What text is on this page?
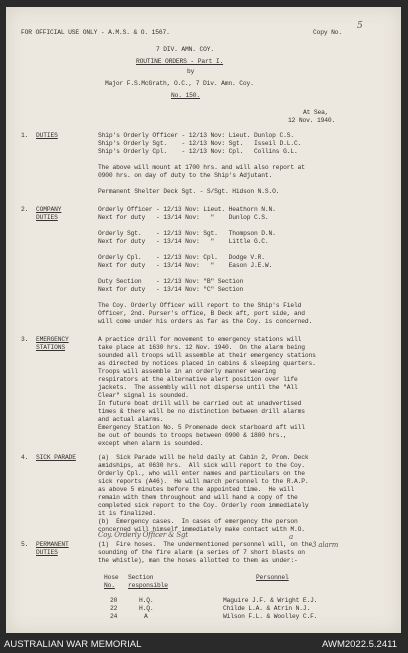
FOR OFFICIAL USE ONLY - A.M.S. & O. 1567.	Copy No.
5
7 DIV. AMN. COY.
ROUTINE ORDERS - Part I.
by
Major F.S.McGrath, O.C., 7 Div. Amn. Coy.
No. 150.
At Sea,
12 Nov. 1940.
1. DUTIES	Ship's Orderly Officer - 12/13 Nov: Lieut. Dunlop C.S.
Ship's Orderly Sgt.    - 12/13 Nov: Sgt.   Isseil D.L.C.
Ship's Orderly Cpl.    - 12/13 Nov: Cpl.   Collins G.L.
The above will mount at 1700 hrs. and will also report at
0900 hrs. on day of duty to the Ship's Adjutant.
Permanent Shelter Deck Sgt. - S/Sgt. Hidson N.S.O.
2. COMPANY
DUTIES
Orderly Officer - 12/13 Nov: Lieut. Heathorn N.N.
Next for duty   - 13/14 Nov:   "    Dunlop C.S.
Orderly Sgt.    - 12/13 Nov: Sgt.   Thompson D.N.
Next for duty   - 13/14 Nov:   "    Little G.C.
Orderly Cpl.    - 12/13 Nov: Cpl.   Dodge V.R.
Next for duty   - 13/14 Nov:   "    Eason J.E.W.
Duty Section    - 12/13 Nov: "B" Section
Next for duty   - 13/14 Nov: "C" Section
The Coy. Orderly Officer will report to the Ship's Field
Officer, 2nd. Purser's office, B Deck aft, port side, and
will come under his orders as far as the Coy. is concerned.
3. EMERGENCY
STATIONS
A practice drill for movement to emergency stations will
take place at 1630 hrs. 12 Nov. 1940.  On the alarm being
sounded all troops will assemble at their emergency stations
as directed by notices placed in cabins & sleeping quarters.
Troops will assemble in an orderly manner wearing
respirators at the alternative alert position over life
jackets.  The assembly will not disperse until the "All
Clear" signal is sounded.
In future boat drill will be carried out at unadvertised
times & there will be no distinction between drill alarms
and actual alarms.
Emergency Station No. 5 Promenade deck starboard aft will
be out of bounds to troops between 0900 & 1800 hrs.,
except when alarm is sounded.
4. SICK PARADE	(a)  Sick Parade will be held daily at Cabin 2, Prom. Deck
amidships, at 0630 hrs.  All sick will report to the Coy.
Orderly Cpl., who will enter names and particulars on the
sick reports (A46).  He will march personnel to the R.A.P.
as above 5 minutes before the appointed time.  He will
remain with them throughout and will hand a copy of the
completed sick report to the Coy. Orderly room immediately
it is finalized.
(b)  Emergency cases.  In cases of emergency the person
concerned will himself immediately make contact with M.O.
Coy. Orderly Officer & Sgt
5. PERMANENT
DUTIES
a
3 alarm
(1)  Fire hoses.  The undermentioned personnel will, on the
sounding of the fire alarm (a series of 7 short blasts on
the whistle), man the hoses allotted to them as under:-
Hose Section	Personnel
No. responsible
20	H.Q.	Maguire J.F. & Wright E.J.
22	H.Q.	Childe L.A. & Atrin N.J.
24	A	Wilson F.L. & Woolley C.F.
AUSTRALIAN WAR MEMORIAL	AWM2022.5.2411
